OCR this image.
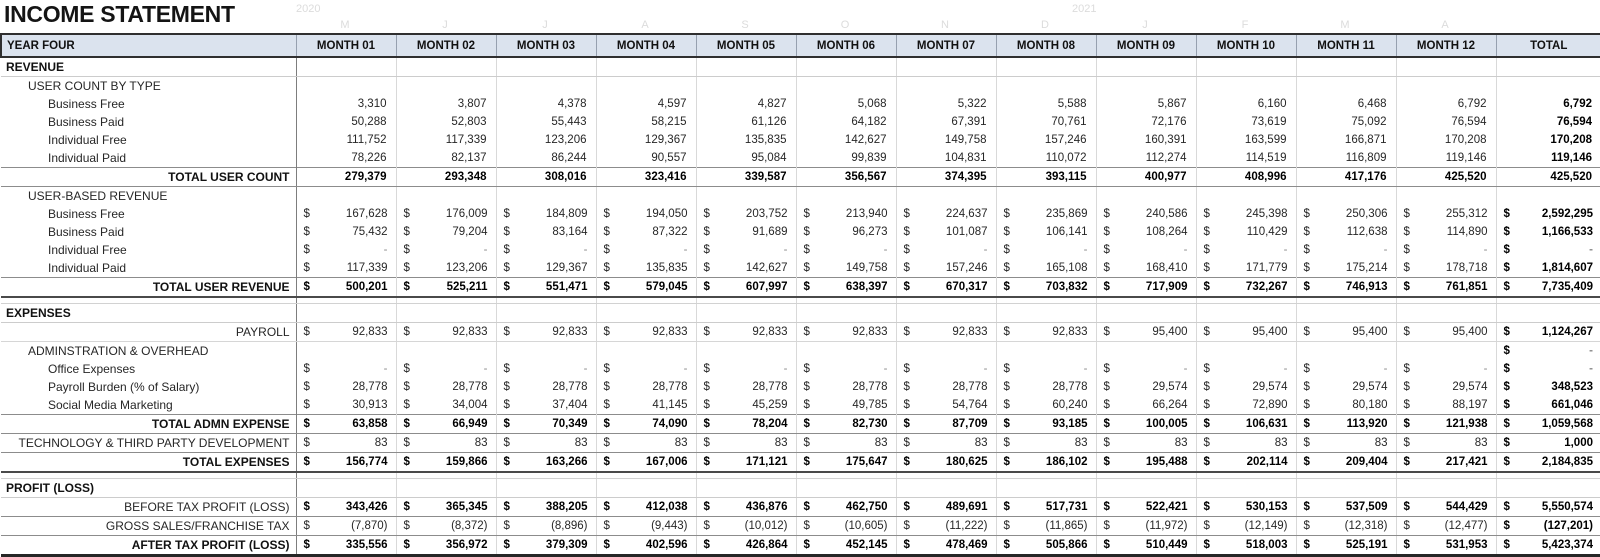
INCOME STATEMENT	2020	2021
M	J	J	A	S	O	N	D	J	F	M	A
YEAR FOUR	MONTH 01	MONTH 02	MONTH 03	MONTH 04	MONTH 05	MONTH 06	MONTH 07	MONTH 08	MONTH 09	MONTH 10	MONTH 11	MONTH 12	TOTAL
REVENUE													
USER COUNT BY TYPE													
Business Free	3,310	3,807	4,378	4,597	4,827	5,068	5,322	5,588	5,867	6,160	6,468	6,792	6,792

Business Paid	50,288	52,803	55,443	58,215	61,126	64,182	67,391	70,761	72,176	73,619	75,092	76,594	76,594

Individual Free	111,752	117,339	123,206	129,367	135,835	142,627	149,758	157,246	160,391	163,599	166,871	170,208	170,208

Individual Paid	78,226	82,137	86,244	90,557	95,084	99,839	104,831	110,072	112,274	114,519	116,809	119,146	119,146

TOTAL USER COUNT	279,379	293,348	308,016	323,416	339,587	356,567	374,395	393,115	400,977	408,996	417,176	425,520	425,520

USER-BASED REVENUE													
Business Free	$ 167,628	$ 176,009	$ 184,809	$ 194,050	$ 203,752	$ 213,940	$ 224,637	$ 235,869	$ 240,586	$ 245,398	$ 250,306	$ 255,312	$ 2,592,295

Business Paid	$ 75,432	$ 79,204	$ 83,164	$ 87,322	$ 91,689	$ 96,273	$ 101,087	$ 106,141	$ 108,264	$ 110,429	$ 112,638	$ 114,890	$ 1,166,533

Individual Free	$ -	$ -	$ -	$ -	$ -	$ -	$ -	$ -	$ -	$ -	$ -	$ -	$ -

Individual Paid	$ 117,339	$ 123,206	$ 129,367	$ 135,835	$ 142,627	$ 149,758	$ 157,246	$ 165,108	$ 168,410	$ 171,779	$ 175,214	$ 178,718	$ 1,814,607

TOTAL USER REVENUE	$ 500,201	$ 525,211	$ 551,471	$ 579,045	$ 607,997	$ 638,397	$ 670,317	$ 703,832	$ 717,909	$ 732,267	$ 746,913	$ 761,851	$ 7,735,409

EXPENSES													
PAYROLL	$ 92,833	$ 92,833	$ 92,833	$ 92,833	$ 92,833	$ 92,833	$ 92,833	$ 92,833	$ 95,400	$ 95,400	$ 95,400	$ 95,400	$ 1,124,267

ADMINSTRATION & OVERHEAD													$ -

Office Expenses	$ -	$ -	$ -	$ -	$ -	$ -	$ -	$ -	$ -	$ -	$ -	$ -	$ -

Payroll Burden (% of Salary)	$ 28,778	$ 28,778	$ 28,778	$ 28,778	$ 28,778	$ 28,778	$ 28,778	$ 28,778	$ 29,574	$ 29,574	$ 29,574	$ 29,574	$ 348,523

Social Media Marketing	$ 30,913	$ 34,004	$ 37,404	$ 41,145	$ 45,259	$ 49,785	$ 54,764	$ 60,240	$ 66,264	$ 72,890	$ 80,180	$ 88,197	$ 661,046

TOTAL ADMN EXPENSE	$ 63,858	$ 66,949	$ 70,349	$ 74,090	$ 78,204	$ 82,730	$ 87,709	$ 93,185	$ 100,005	$ 106,631	$ 113,920	$ 121,938	$ 1,059,568

TECHNOLOGY & THIRD PARTY DEVELOPMENT	$ 83	$ 83	$ 83	$ 83	$ 83	$ 83	$ 83	$ 83	$ 83	$ 83	$ 83	$ 83	$ 1,000

TOTAL EXPENSES	$ 156,774	$ 159,866	$ 163,266	$ 167,006	$ 171,121	$ 175,647	$ 180,625	$ 186,102	$ 195,488	$ 202,114	$ 209,404	$ 217,421	$ 2,184,835

PROFIT (LOSS)													
BEFORE TAX PROFIT (LOSS)	$ 343,426	$ 365,345	$ 388,205	$ 412,038	$ 436,876	$ 462,750	$ 489,691	$ 517,731	$ 522,421	$ 530,153	$ 537,509	$ 544,429	$ 5,550,574

GROSS SALES/FRANCHISE TAX	$ (7,870)	$ (8,372)	$ (8,896)	$ (9,443)	$ (10,012)	$ (10,605)	$ (11,222)	$ (11,865)	$ (11,972)	$ (12,149)	$ (12,318)	$ (12,477)	$ (127,201)

AFTER TAX PROFIT (LOSS)	$ 335,556	$ 356,972	$ 379,309	$ 402,596	$ 426,864	$ 452,145	$ 478,469	$ 505,866	$ 510,449	$ 518,003	$ 525,191	$ 531,953	$ 5,423,374
